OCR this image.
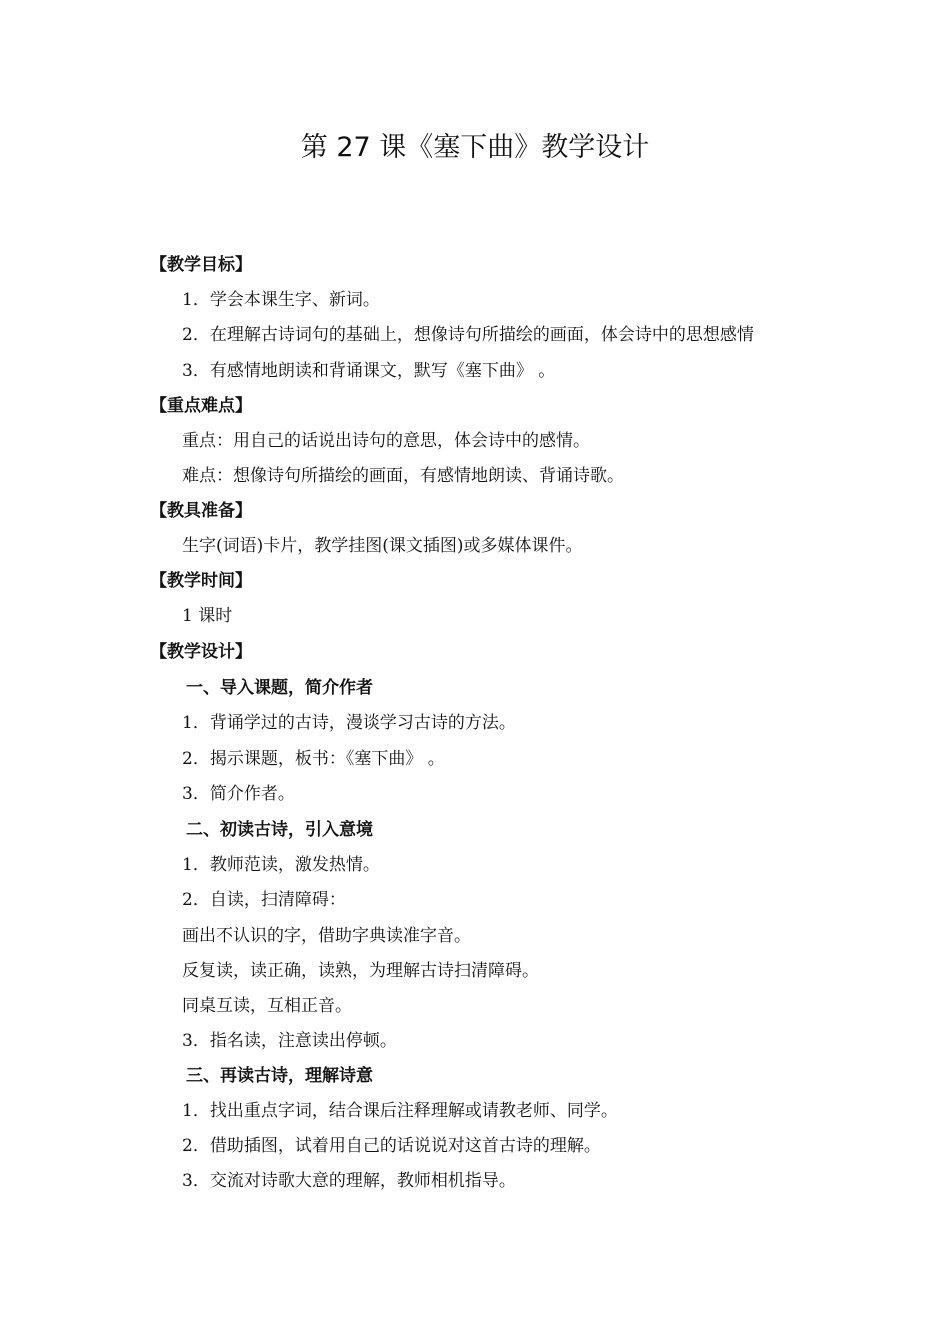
第 27 课《塞下曲》教学设计
【教学目标】
1．学会本课生字、新词。
2．在理解古诗词句的基础上，想像诗句所描绘的画面，体会诗中的思想感情
3．有感情地朗读和背诵课文，默写《塞下曲》 。
【重点难点】
重点：用自己的话说出诗句的意思，体会诗中的感情。
难点：想像诗句所描绘的画面，有感情地朗读、背诵诗歌。
【教具准备】
生字(词语)卡片，教学挂图(课文插图)或多媒体课件。
【教学时间】
1 课时
【教学设计】
一、导入课题，简介作者
1．背诵学过的古诗，漫谈学习古诗的方法。
2．揭示课题，板书：《塞下曲》 。
3．简介作者。
二、初读古诗，引入意境
1．教师范读，激发热情。
2．自读，扫清障碍：
画出不认识的字，借助字典读准字音。
反复读，读正确，读熟，为理解古诗扫清障碍。
同桌互读，互相正音。
3．指名读，注意读出停顿。
三、再读古诗，理解诗意
1．找出重点字词，结合课后注释理解或请教老师、同学。
2．借助插图，试着用自己的话说说对这首古诗的理解。
3．交流对诗歌大意的理解，教师相机指导。
